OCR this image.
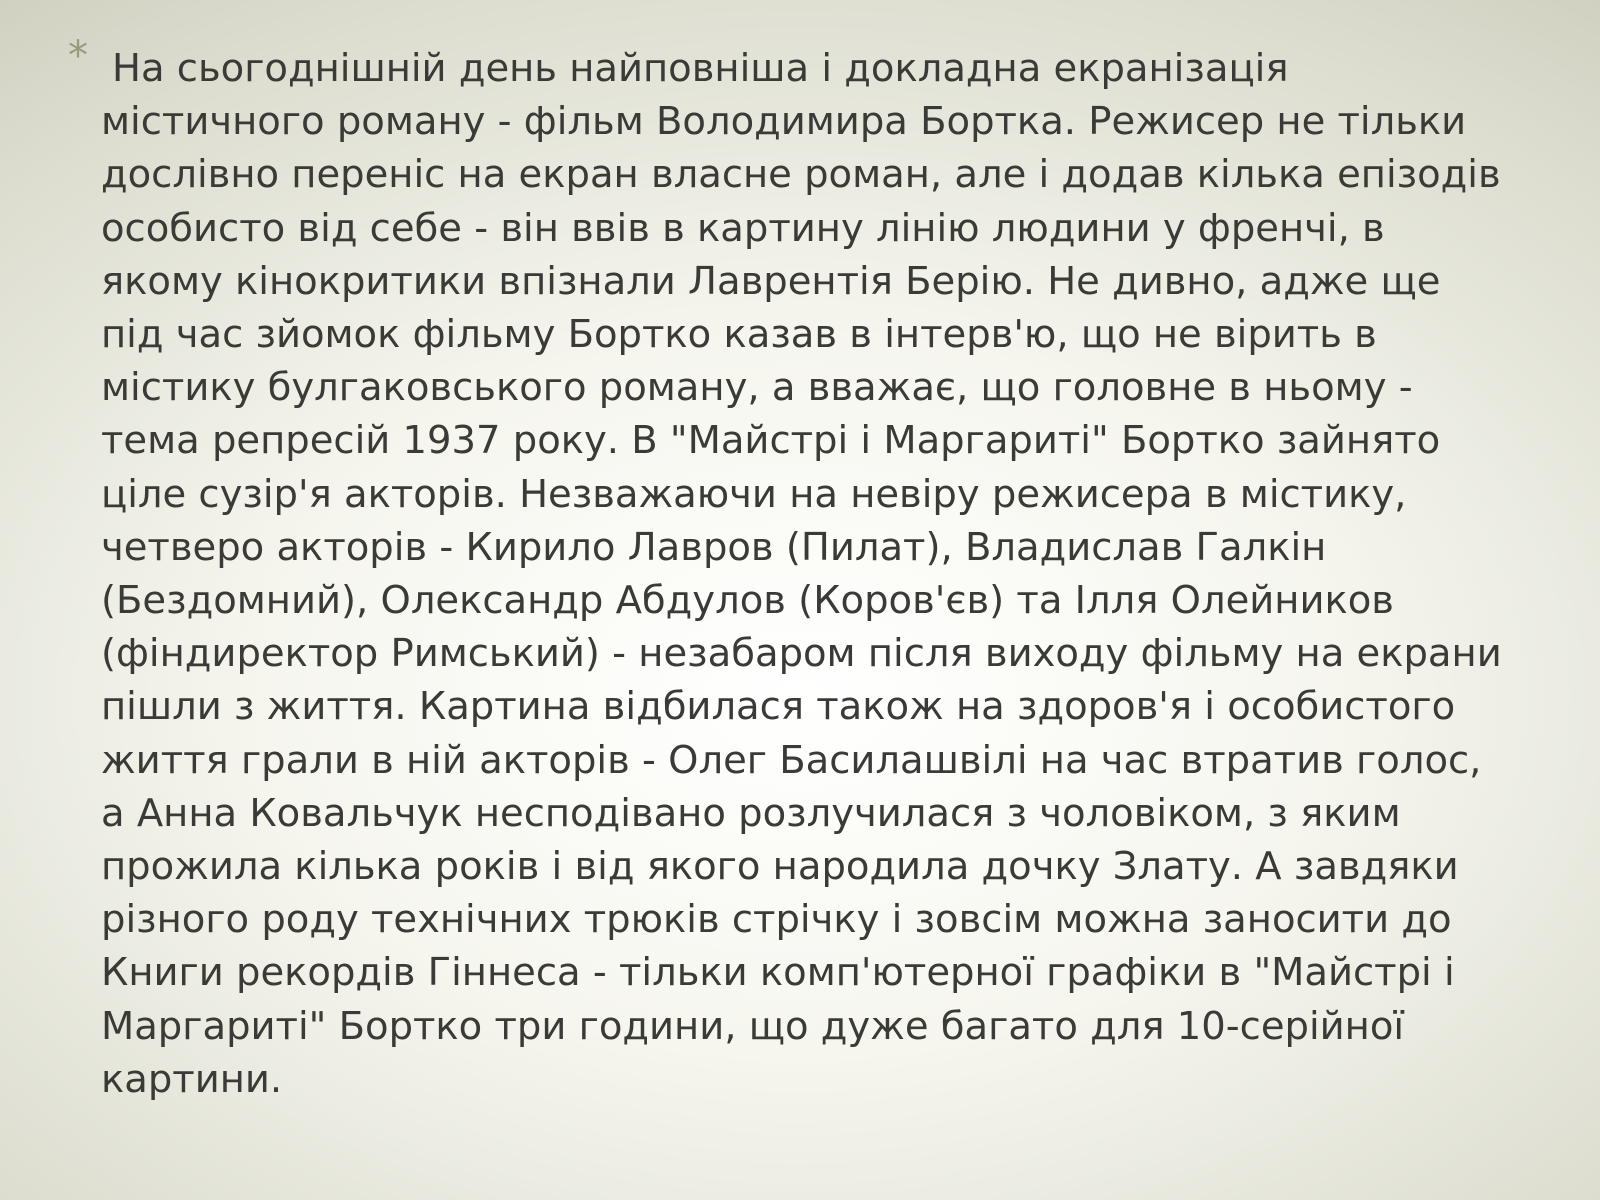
* На сьогоднішній день найповніша і докладна екранізація
містичного роману - фільм Володимира Бортка. Режисер не тільки
дослівно переніс на екран власне роман, але і додав кілька епізодів
особисто від себе - він ввів в картину лінію людини у френчі, в
якому кінокритики впізнали Лаврентія Берію. Не дивно, адже ще
під час зйомок фільму Бортко казав в інтерв'ю, що не вірить в
містику булгаковського роману, а вважає, що головне в ньому -
тема репресій 1937 року. В "Майстрі і Маргариті" Бортко зайнято
ціле сузір'я акторів. Незважаючи на невіру режисера в містику,
четверо акторів - Кирило Лавров (Пилат), Владислав Галкін
(Бездомний), Олександр Абдулов (Коров'єв) та Ілля Олейников
(фіндиректор Римський) - незабаром після виходу фільму на екрани
пішли з життя. Картина відбилася також на здоров'я і особистого
життя грали в ній акторів - Олег Басилашвілі на час втратив голос,
а Анна Ковальчук несподівано розлучилася з чоловіком, з яким
прожила кілька років і від якого народила дочку Злату. А завдяки
різного роду технічних трюків стрічку і зовсім можна заносити до
Книги рекордів Гіннеса - тільки комп'ютерної графіки в "Майстрі і
Маргариті" Бортко три години, що дуже багато для 10-серійної
картини.
